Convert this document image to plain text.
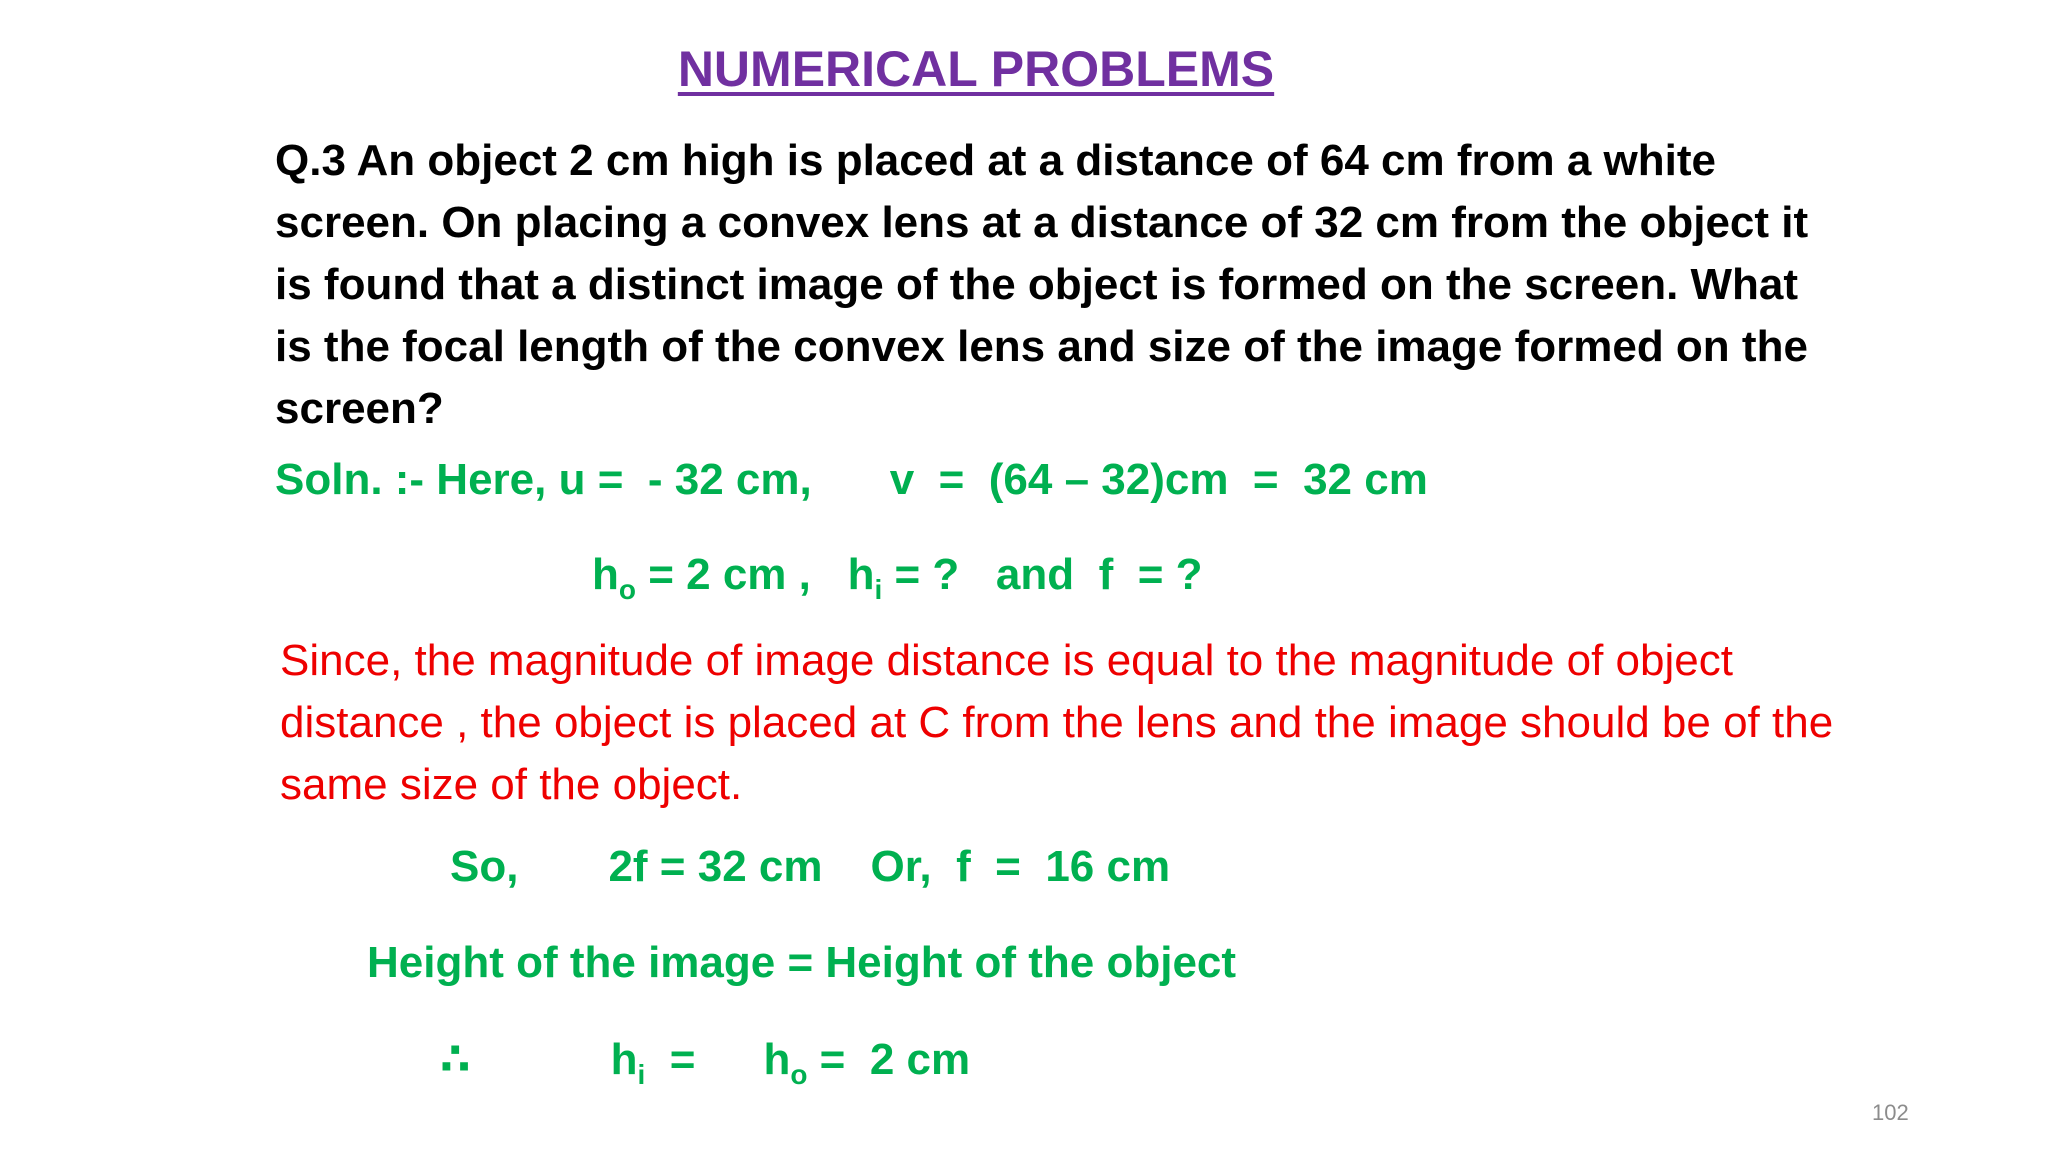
NUMERICAL PROBLEMS

Q.3 An object 2 cm high is placed at a distance of 64 cm from a white screen. On placing a convex lens at a distance of 32 cm from the object it is found that a distinct image of the object is formed on the screen. What is the focal length of the convex lens and size of the image formed on the screen?

Soln. :- Here, u =  - 32 cm, v  =  (64 – 32)cm  =  32 cm
$h_o = 2$ cm ,   $h_i$ = ?   and  f  = ?

Since, the magnitude of image distance is equal to the magnitude of object distance , the object is placed at C from the lens and the image should be of the same size of the object.

So, 2f = 32 cm Or,  f  =  16 cm
Height of the image = Height of the object
∴	$h_i = h_o = 2$ cm
102
